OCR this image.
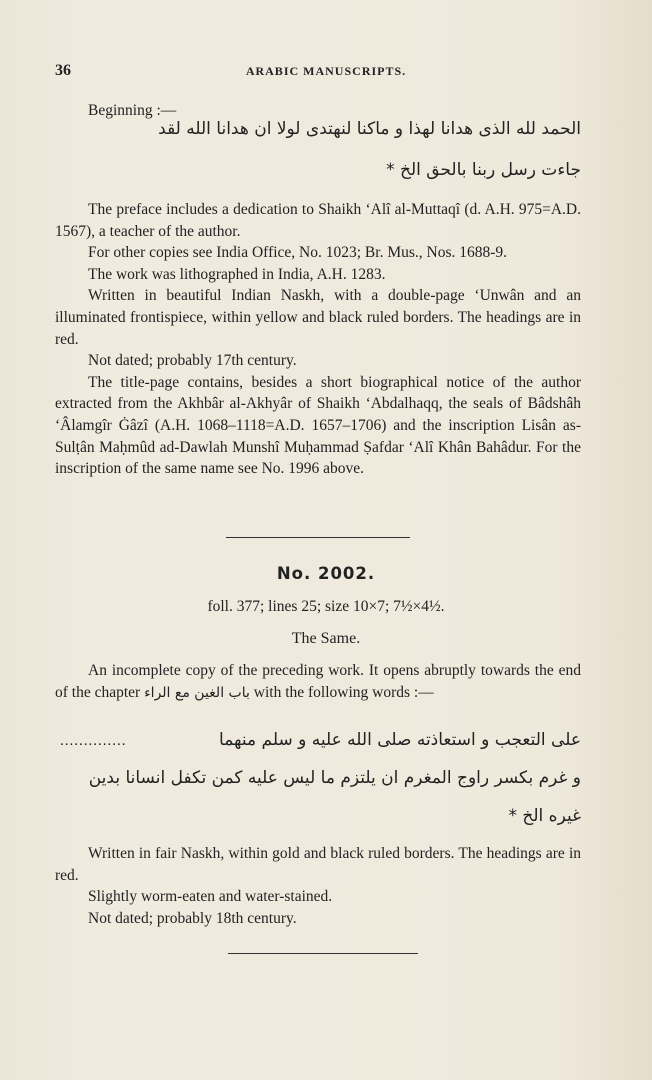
36	ARABIC MANUSCRIPTS.
Beginning :—
الحمد لله الذى هدانا لهذا و ماكنا لنهتدى لولا ان هدانا الله لقد
جاءت رسل ربنا بالحق الخ *

The preface includes a dedication to Shaikh ‘Alî al-Muttaqî (d. A.H. 975=A.D. 1567), a teacher of the author.

For other copies see India Office, No. 1023; Br. Mus., Nos. 1688-9.

The work was lithographed in India, A.H. 1283.

Written in beautiful Indian Naskh, with a double-page ‘Unwân and an illuminated frontispiece, within yellow and black ruled borders. The headings are in red.

Not dated; probably 17th century.

The title-page contains, besides a short biographical notice of the author extracted from the Akhbâr al-Akhyâr of Shaikh ‘Abdalhaqq, the seals of Bâdshâh ‘Âlamgîr Ġâzî (A.H. 1068–1118=A.D. 1657–1706) and the inscription Lisân as-Sulṭân Maḥmûd ad-Dawlah Munshî Muḥammad Ṣafdar ‘Alî Khân Bahâdur. For the inscription of the same name see No. 1996 above.

No. 2002.
foll. 377; lines 25; size 10×7; 7½×4½.
The Same.
An incomplete copy of the preceding work. It opens abruptly towards the end of the chapter باب الغين مع الراء with the following words :—
على التعجب و استعاذته صلى الله عليه و سلم منهما
..............
و غرم بكسر راوج المغرم ان يلتزم ما ليس عليه كمن تكفل انسانا بدين
غيره الخ *

Written in fair Naskh, within gold and black ruled borders. The headings are in red.

Slightly worm-eaten and water-stained.

Not dated; probably 18th century.
